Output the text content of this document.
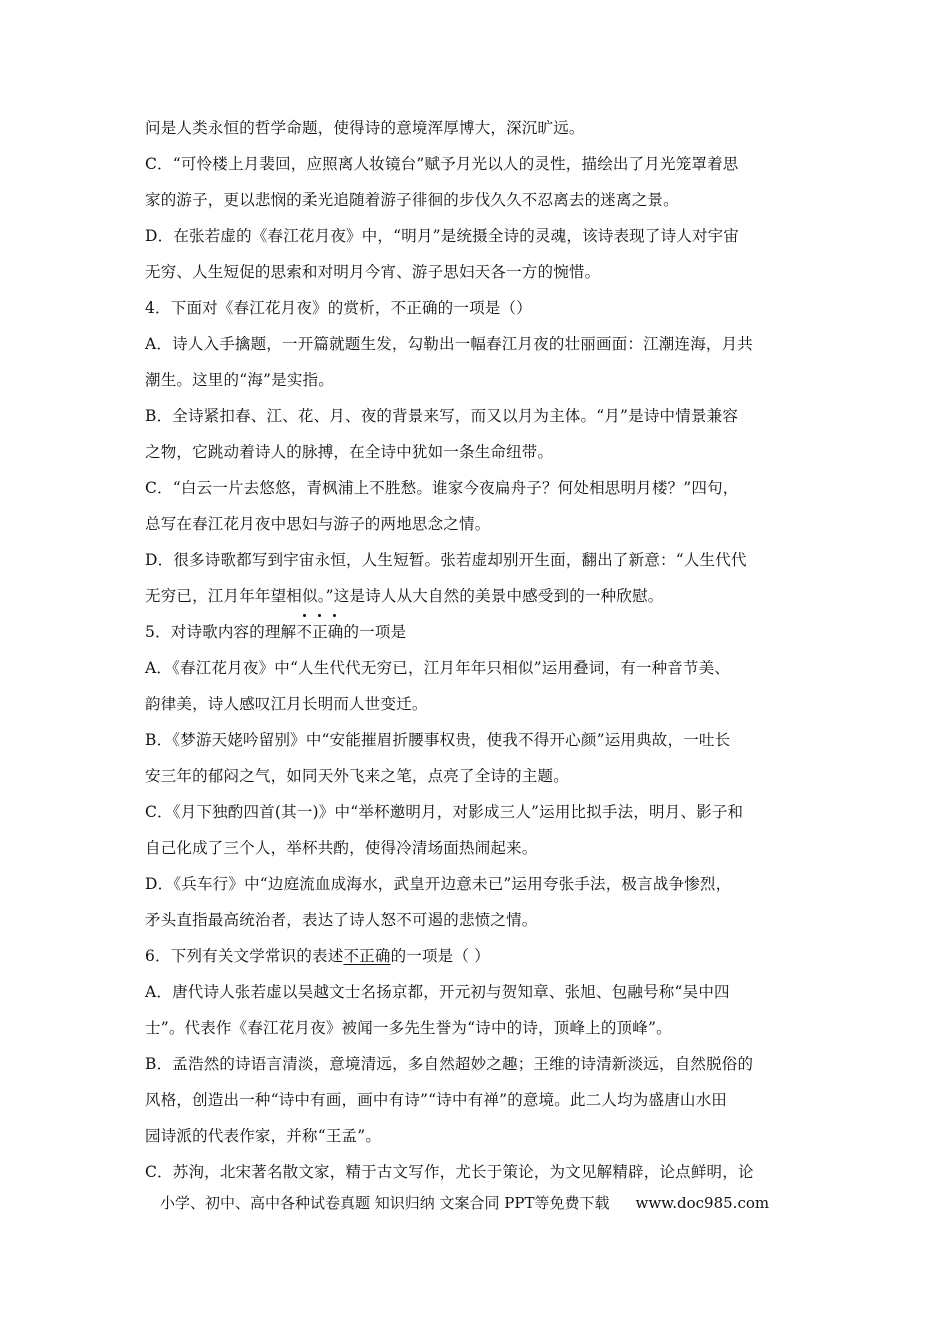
问是人类永恒的哲学命题，使得诗的意境浑厚博大，深沉旷远。
C．“可怜楼上月裴回，应照离人妆镜台”赋予月光以人的灵性，描绘出了月光笼罩着思
家的游子，更以悲悯的柔光追随着游子徘徊的步伐久久不忍离去的迷离之景。
D．在张若虚的《春江花月夜》中，“明月”是统摄全诗的灵魂，该诗表现了诗人对宇宙
无穷、人生短促的思索和对明月今宵、游子思妇天各一方的惋惜。
4．下面对《春江花月夜》的赏析，不正确的一项是（）
A．诗人入手擒题，一开篇就题生发，勾勒出一幅春江月夜的壮丽画面：江潮连海，月共
潮生。这里的“海”是实指。
B．全诗紧扣春、江、花、月、夜的背景来写，而又以月为主体。“月”是诗中情景兼容
之物，它跳动着诗人的脉搏，在全诗中犹如一条生命纽带。
C．“白云一片去悠悠，青枫浦上不胜愁。谁家今夜扁舟子？何处相思明月楼？”四句，
总写在春江花月夜中思妇与游子的两地思念之情。
D．很多诗歌都写到宇宙永恒，人生短暂。张若虚却别开生面，翻出了新意：“人生代代
无穷已，江月年年望相似。”这是诗人从大自然的美景中感受到的一种欣慰。
5．对诗歌内容的理解
不正确的一项是
A．《春江花月夜》中“人生代代无穷已，江月年年只相似”运用叠词，有一种音节美、
韵律美，诗人感叹江月长明而人世变迁。
B．《梦游天姥吟留别》中“安能摧眉折腰事权贵，使我不得开心颜”运用典故，一吐长
安三年的郁闷之气，如同天外飞来之笔，点亮了全诗的主题。
C．《月下独酌四首(其一)》中“举杯邀明月，对影成三人”运用比拟手法，明月、影子和
自己化成了三个人，举杯共酌，使得冷清场面热闹起来。
D．《兵车行》中“边庭流血成海水，武皇开边意未已”运用夸张手法，极言战争惨烈，
矛头直指最高统治者，表达了诗人怒不可遏的悲愤之情。
6．下列有关文学常识的表述不正确的一项是（ ）
A．唐代诗人张若虚以吴越文士名扬京都，开元初与贺知章、张旭、包融号称“吴中四
士”。代表作《春江花月夜》被闻一多先生誉为“诗中的诗，顶峰上的顶峰”。
B．孟浩然的诗语言清淡，意境清远，多自然超妙之趣；王维的诗清新淡远，自然脱俗的
风格，创造出一种“诗中有画，画中有诗”“诗中有禅”的意境。此二人均为盛唐山水田
园诗派的代表作家，并称“王孟”。
C．苏洵，北宋著名散文家，精于古文写作，尤长于策论，为文见解精辟，论点鲜明，论
小学、初中、高中各种试卷真题 知识归纳 文案合同 PPT等免费下载 www.doc985.com
